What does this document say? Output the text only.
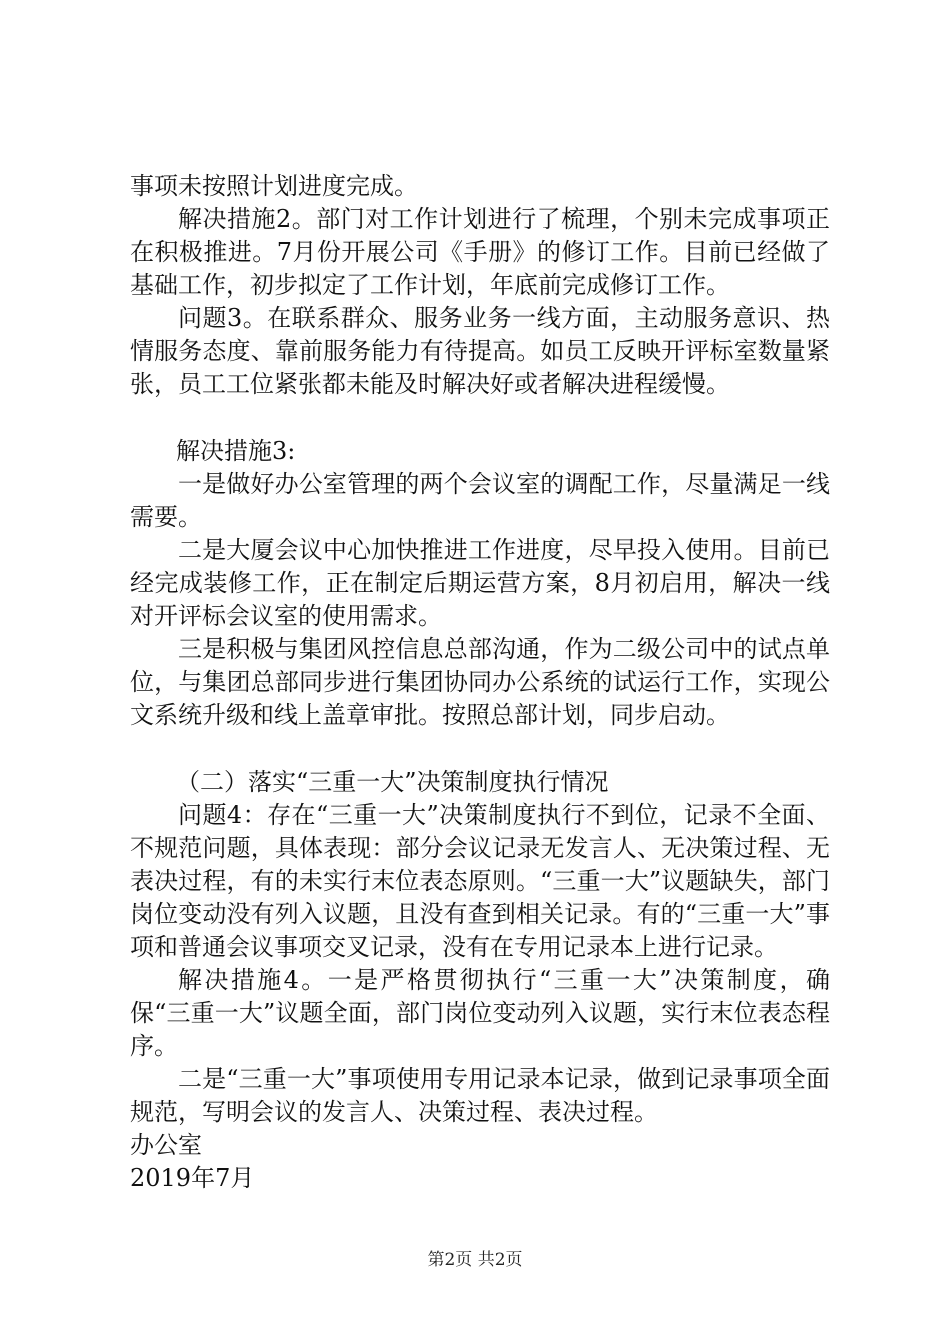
事项未按照计划进度完成。

解决措施2。部门对工作计划进行了梳理，个别未完成事项正在积极推进。7月份开展公司《手册》的修订工作。目前已经做了基础工作，初步拟定了工作计划，年底前完成修订工作。

问题3。在联系群众、服务业务一线方面，主动服务意识、热情服务态度、靠前服务能力有待提高。如员工反映开评标室数量紧张，员工工位紧张都未能及时解决好或者解决进程缓慢。

解决措施3:

一是做好办公室管理的两个会议室的调配工作，尽量满足一线需要。

二是大厦会议中心加快推进工作进度，尽早投入使用。目前已经完成装修工作，正在制定后期运营方案，8月初启用，解决一线对开评标会议室的使用需求。

三是积极与集团风控信息总部沟通，作为二级公司中的试点单位，与集团总部同步进行集团协同办公系统的试运行工作，实现公文系统升级和线上盖章审批。按照总部计划，同步启动。

（二）落实“三重一大”决策制度执行情况

问题4：存在“三重一大”决策制度执行不到位，记录不全面、不规范问题，具体表现：部分会议记录无发言人、无决策过程、无表决过程，有的未实行末位表态原则。“三重一大”议题缺失，部门岗位变动没有列入议题，且没有查到相关记录。有的“三重一大”事项和普通会议事项交叉记录，没有在专用记录本上进行记录。

解决措施4。一是严格贯彻执行“三重一大”决策制度，确保“三重一大”议题全面，部门岗位变动列入议题，实行末位表态程序。

二是“三重一大”事项使用专用记录本记录，做到记录事项全面规范，写明会议的发言人、决策过程、表决过程。

办公室

2019年7月

第2页 共2页
